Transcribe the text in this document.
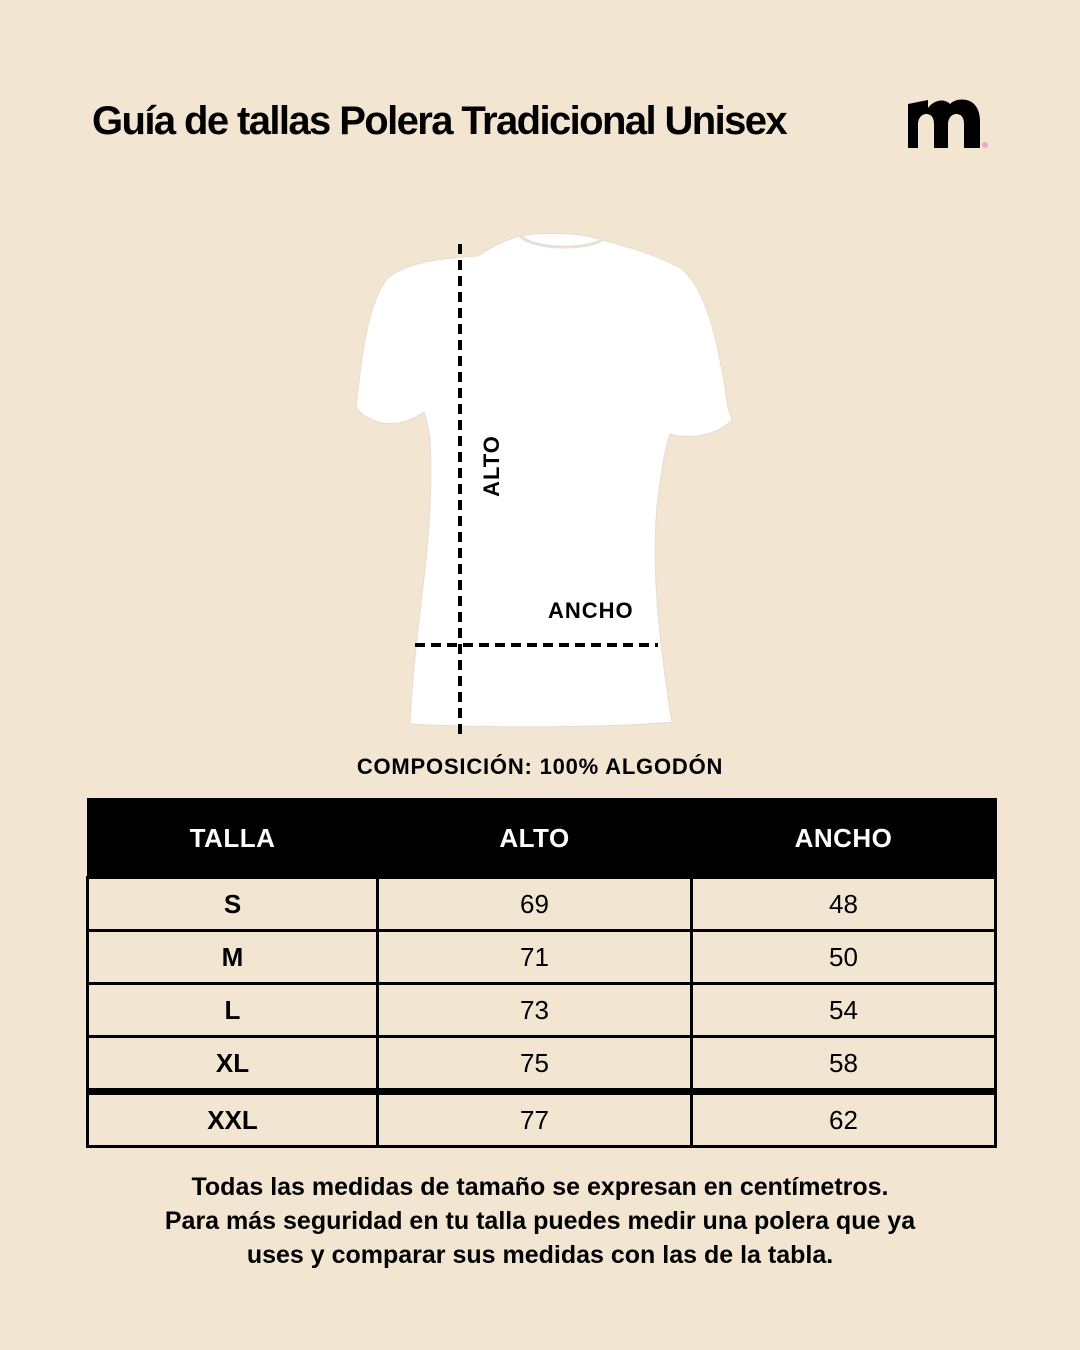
Guía de tallas Polera Tradicional Unisex
ALTO
ANCHO
COMPOSICIÓN: 100% ALGODÓN
TALLA	ALTO	ANCHO
S	69	48
M	71	50
L	73	54
XL	75	58
XXL	77	62
Todas las medidas de tamaño se expresan en centímetros.
Para más seguridad en tu talla puedes medir una polera que ya
uses y comparar sus medidas con las de la tabla.
